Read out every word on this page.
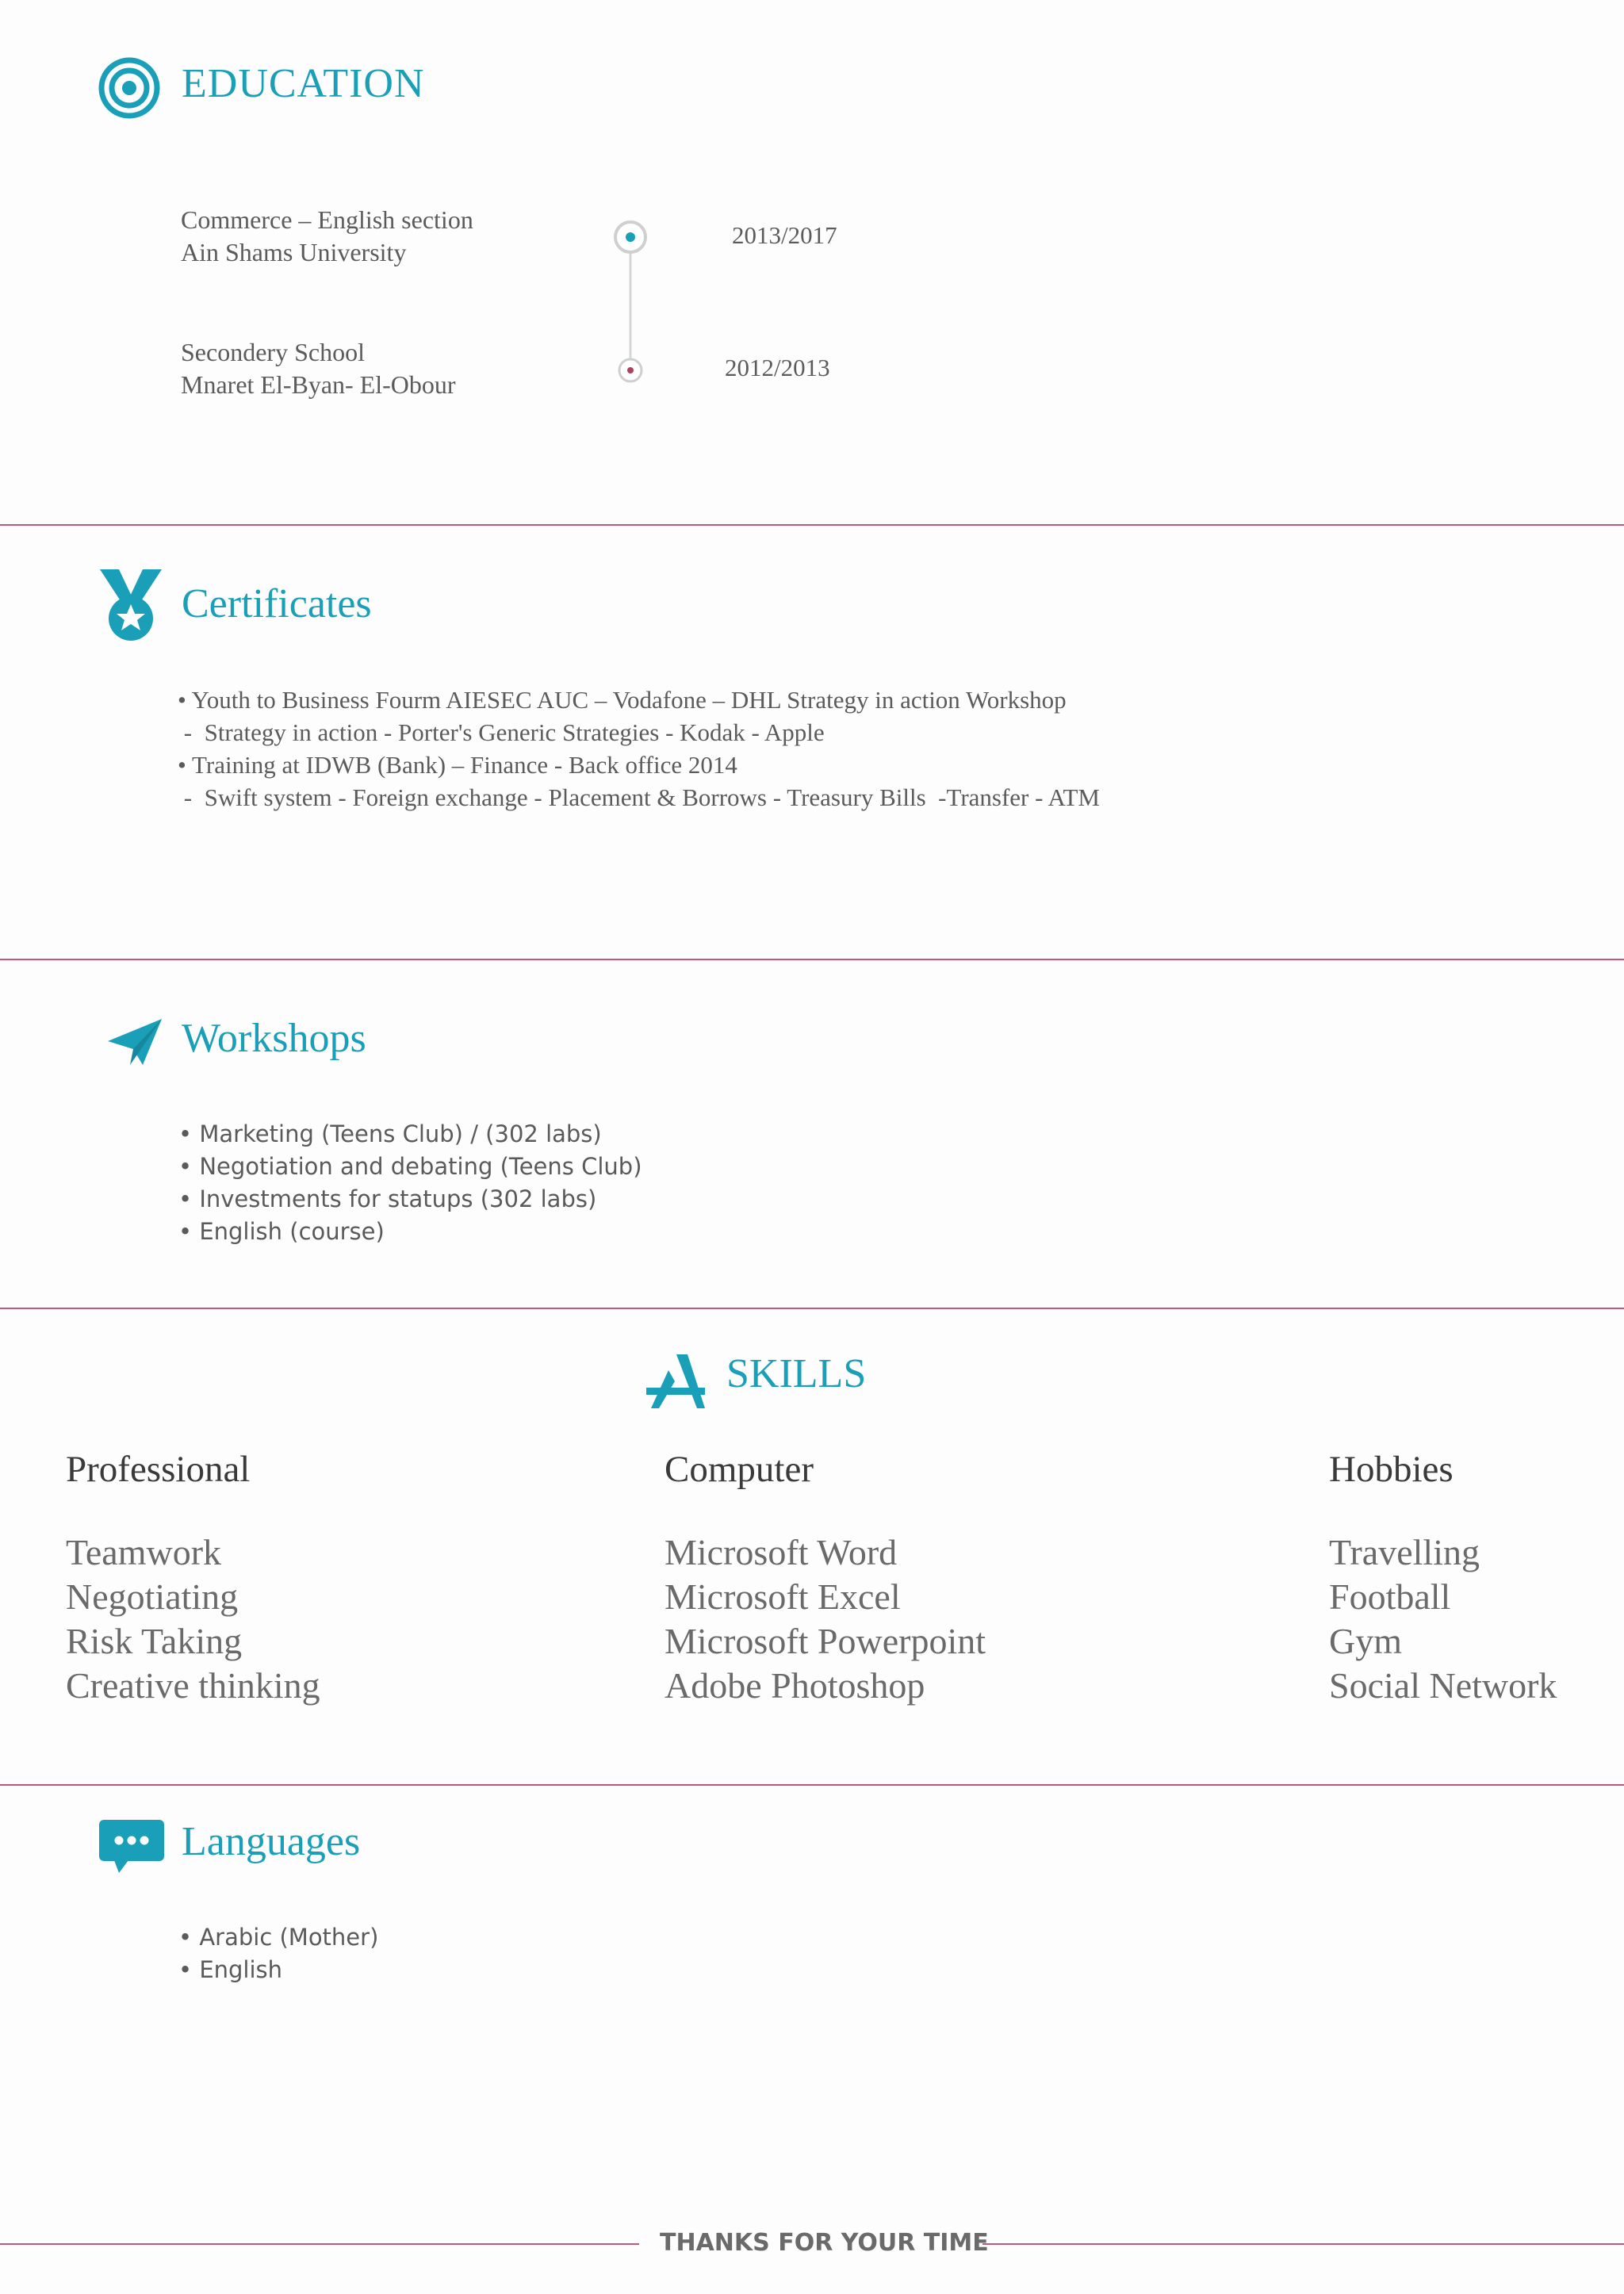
EDUCATION
Commerce – English section
Ain Shams University
2013/2017
Secondery School
Mnaret El-Byan- El-Obour
2012/2013
Certificates
• Youth to Business Fourm AIESEC AUC – Vodafone – DHL Strategy in action Workshop
-  Strategy in action - Porter's Generic Strategies - Kodak - Apple
• Training at IDWB (Bank) – Finance - Back office 2014
-  Swift system - Foreign exchange - Placement & Borrows - Treasury Bills  -Transfer - ATM
Workshops
• Marketing (Teens Club) / (302 labs)
• Negotiation and debating (Teens Club)
• Investments for statups (302 labs)
• English (course)
SKILLS
Professional
Teamwork
Negotiating
Risk Taking
Creative thinking
Computer
Microsoft Word
Microsoft Excel
Microsoft Powerpoint
Adobe Photoshop
Hobbies
Travelling
Football
Gym
Social Network
Languages
• Arabic (Mother)
• English
THANKS FOR YOUR TIME
